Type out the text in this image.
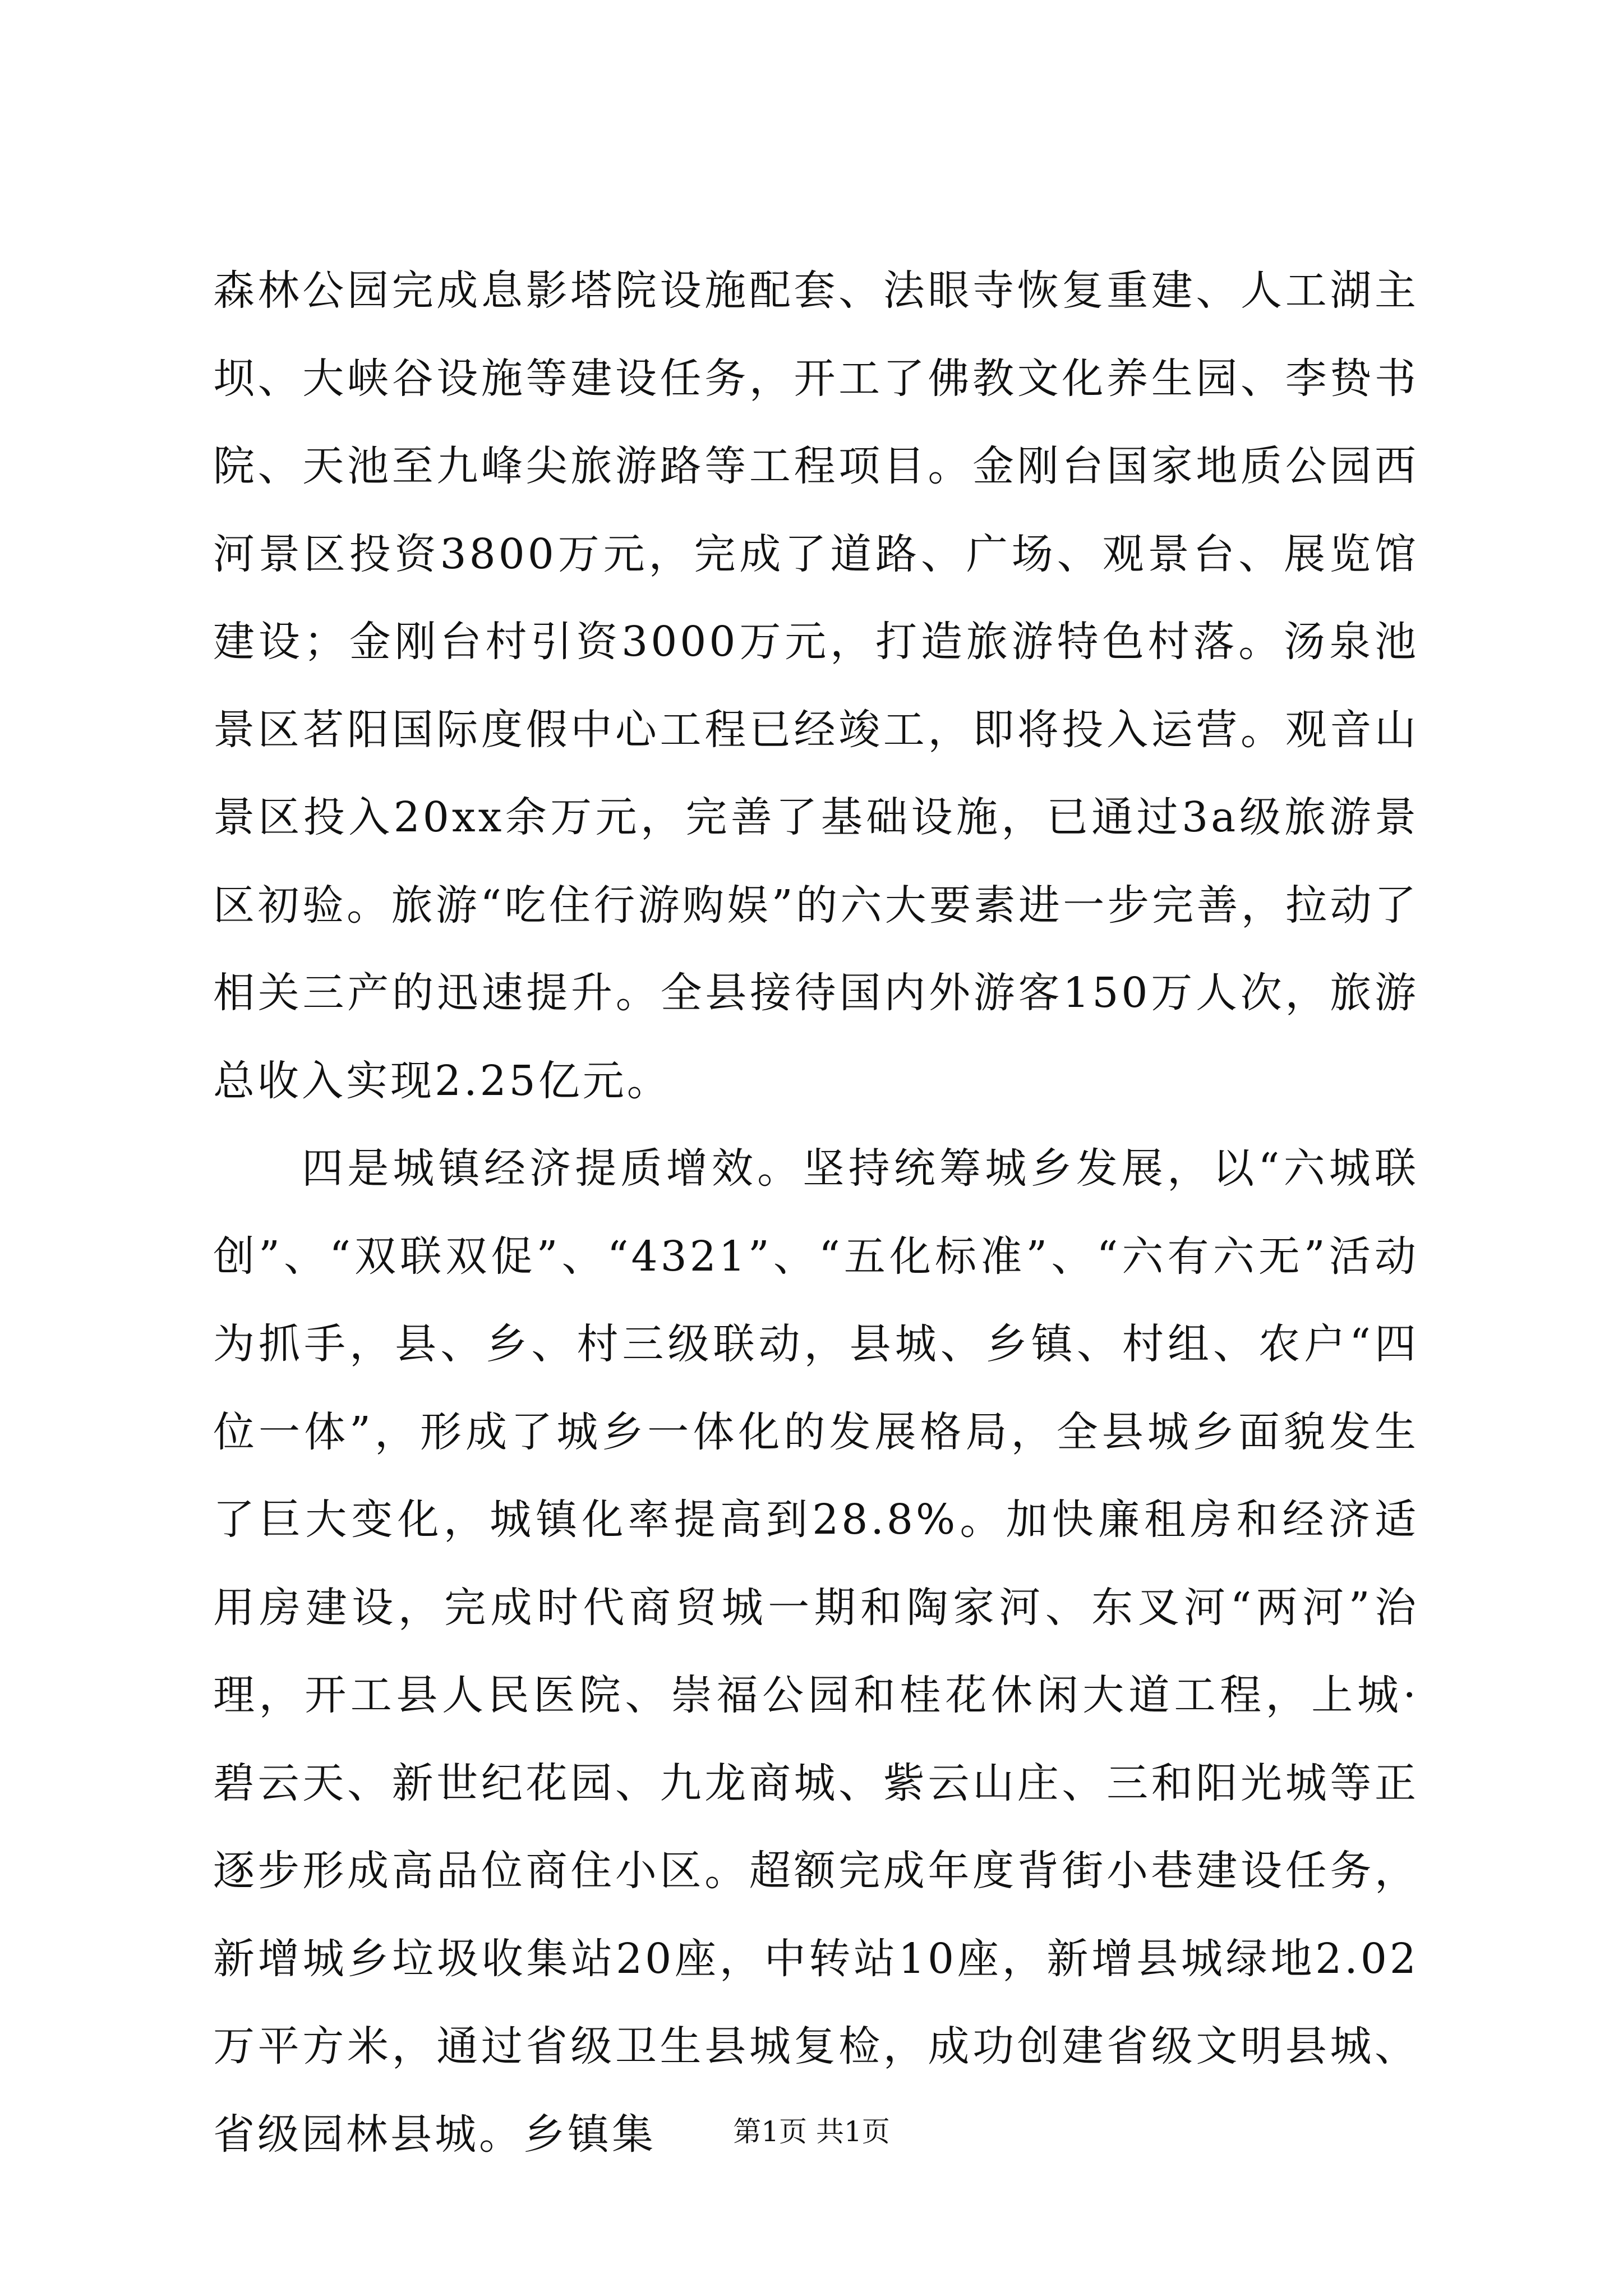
森林公园完成息影塔院设施配套、法眼寺恢复重建、人工湖主坝、大峡谷设施等建设任务，开工了佛教文化养生园、李贽书院、天池至九峰尖旅游路等工程项目。金刚台国家地质公园西河景区投资3800万元，完成了道路、广场、观景台、展览馆建设；金刚台村引资3000万元，打造旅游特色村落。汤泉池景区茗阳国际度假中心工程已经竣工，即将投入运营。观音山景区投入20xx余万元，完善了基础设施，已通过3a级旅游景区初验。旅游“吃住行游购娱”的六大要素进一步完善，拉动了相关三产的迅速提升。全县接待国内外游客150万人次，旅游总收入实现2.25亿元。

四是城镇经济提质增效。坚持统筹城乡发展，以“六城联创”、“双联双促”、“4321”、“五化标准”、“六有六无”活动为抓手，县、乡、村三级联动，县城、乡镇、村组、农户“四位一体”，形成了城乡一体化的发展格局，全县城乡面貌发生了巨大变化，城镇化率提高到28.8%。加快廉租房和经济适用房建设，完成时代商贸城一期和陶家河、东叉河“两河”治理，开工县人民医院、崇福公园和桂花休闲大道工程，上城·碧云天、新世纪花园、九龙商城、紫云山庄、三和阳光城等正逐步形成高品位商住小区。超额完成年度背街小巷建设任务，新增城乡垃圾收集站20座，中转站10座，新增县城绿地2.02万平方米，通过省级卫生县城复检，成功创建省级文明县城、省级园林县城。乡镇集	第1页 共1页
